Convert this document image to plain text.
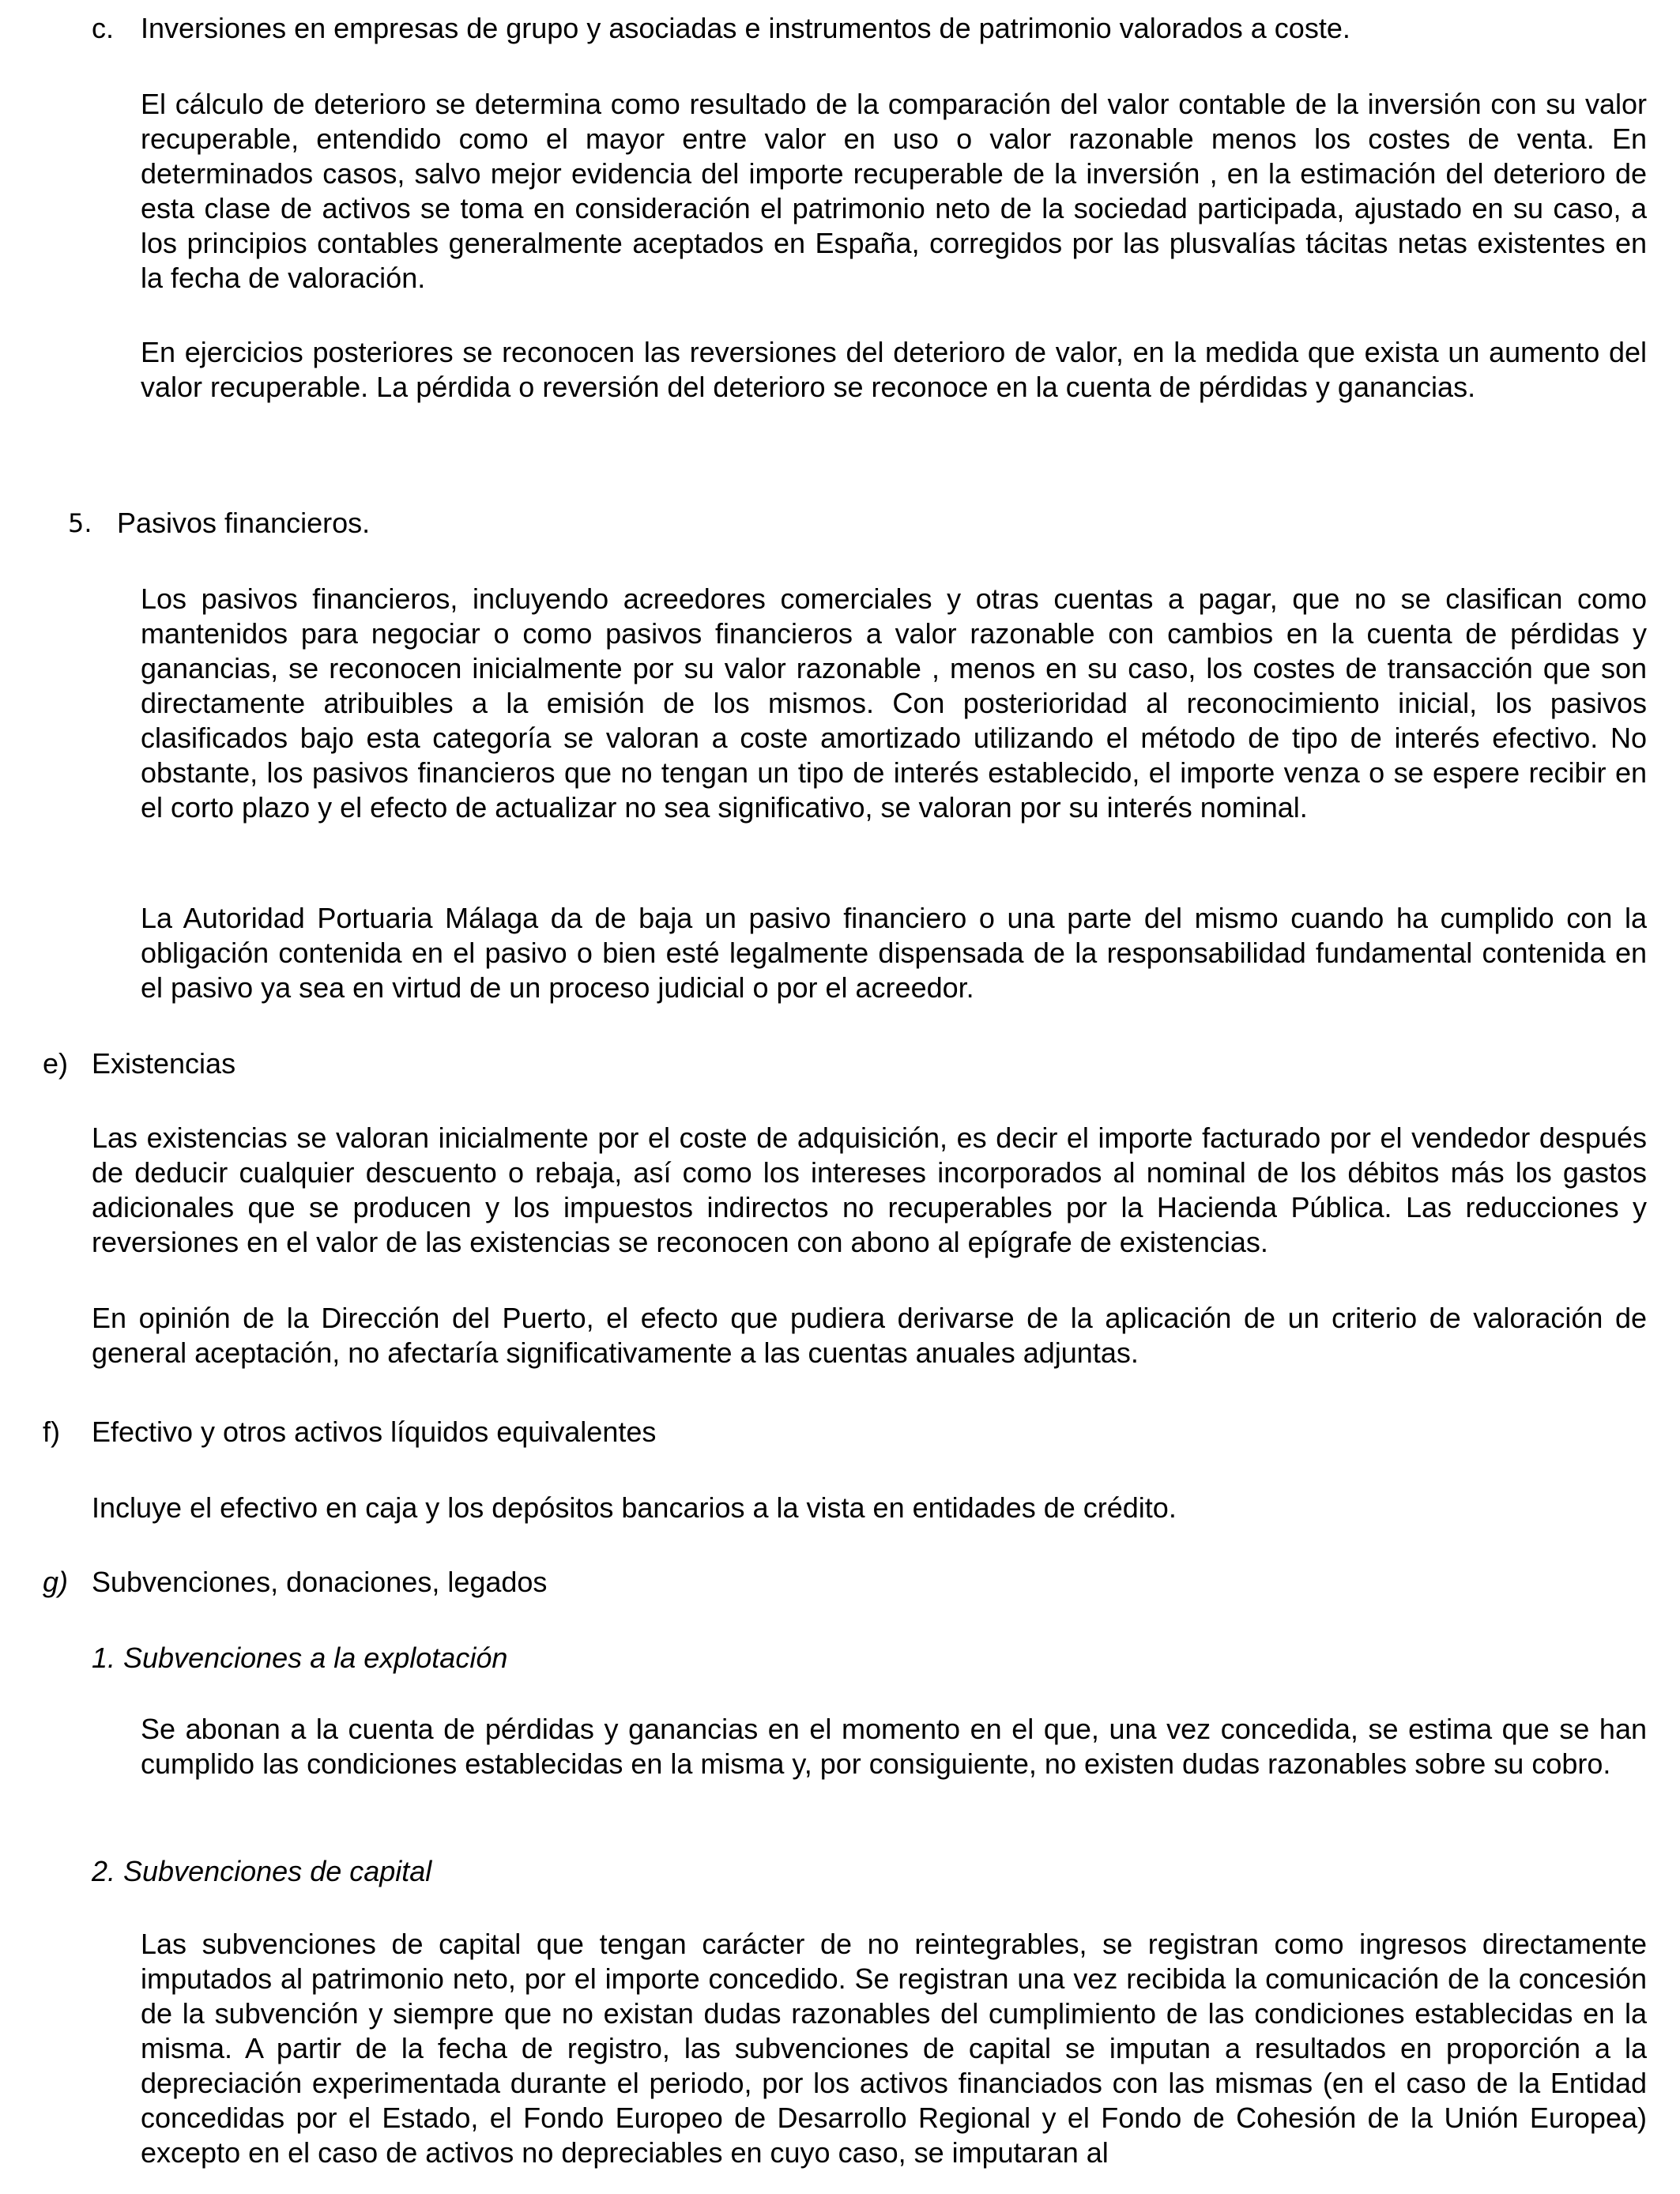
c. Inversiones en empresas de grupo y asociadas e instrumentos de patrimonio valorados a coste.

El cálculo de deterioro se determina como resultado de la comparación del valor contable de la inversión con su valor recuperable, entendido como el mayor entre valor en uso o valor razonable menos los costes de venta. En determinados casos, salvo mejor evidencia del importe recuperable de la inversión , en la estimación del deterioro de esta clase de activos se toma en consideración el patrimonio neto de la sociedad participada, ajustado en su caso, a los principios contables generalmente aceptados en España, corregidos por las plusvalías tácitas netas existentes en la fecha de valoración.

En ejercicios posteriores se reconocen las reversiones del deterioro de valor, en la medida que exista un aumento del valor recuperable. La pérdida o reversión del deterioro se reconoce en la cuenta de pérdidas y ganancias.

5. Pasivos financieros.

Los pasivos financieros, incluyendo acreedores comerciales y otras cuentas a pagar, que no se clasifican como mantenidos para negociar o como pasivos financieros a valor razonable con cambios en la cuenta de pérdidas y ganancias, se reconocen inicialmente por su valor razonable , menos en su caso, los costes de transacción que son directamente atribuibles a la emisión de los mismos. Con posterioridad al reconocimiento inicial, los pasivos clasificados bajo esta categoría se valoran a coste amortizado utilizando el método de tipo de interés efectivo. No obstante, los pasivos financieros que no tengan un tipo de interés establecido, el importe venza o se espere recibir en el corto plazo y el efecto de actualizar no sea significativo, se valoran por su interés nominal.

La Autoridad Portuaria Málaga da de baja un pasivo financiero o una parte del mismo cuando ha cumplido con la obligación contenida en el pasivo o bien esté legalmente dispensada de la responsabilidad fundamental contenida en el pasivo ya sea en virtud de un proceso judicial o por el acreedor.

e) Existencias

Las existencias se valoran inicialmente por el coste de adquisición, es decir el importe facturado por el vendedor después de deducir cualquier descuento o rebaja, así como los intereses incorporados al nominal de los débitos más los gastos adicionales que se producen y los impuestos indirectos no recuperables por la Hacienda Pública. Las reducciones y reversiones en el valor de las existencias se reconocen con abono al epígrafe de existencias.

En opinión de la Dirección del Puerto, el efecto que pudiera derivarse de la aplicación de un criterio de valoración de general aceptación, no afectaría significativamente a las cuentas anuales adjuntas.

f) Efectivo y otros activos líquidos equivalentes
Incluye el efectivo en caja y los depósitos bancarios a la vista en entidades de crédito.
g) Subvenciones, donaciones, legados
1. Subvenciones a la explotación

Se abonan a la cuenta de pérdidas y ganancias en el momento en el que, una vez concedida, se estima que se han cumplido las condiciones establecidas en la misma y, por consiguiente, no existen dudas razonables sobre su cobro.

2. Subvenciones de capital

Las subvenciones de capital que tengan carácter de no reintegrables, se registran como ingresos directamente imputados al patrimonio neto, por el importe concedido. Se registran una vez recibida la comunicación de la concesión de la subvención y siempre que no existan dudas razonables del cumplimiento de las condiciones establecidas en la misma. A partir de la fecha de registro, las subvenciones de capital se imputan a resultados en proporción a la depreciación experimentada durante el periodo, por los activos financiados con las mismas (en el caso de la Entidad concedidas por el Estado, el Fondo Europeo de Desarrollo Regional y el Fondo de Cohesión de la Unión Europea) excepto en el caso de activos no depreciables en cuyo caso, se imputaran al
